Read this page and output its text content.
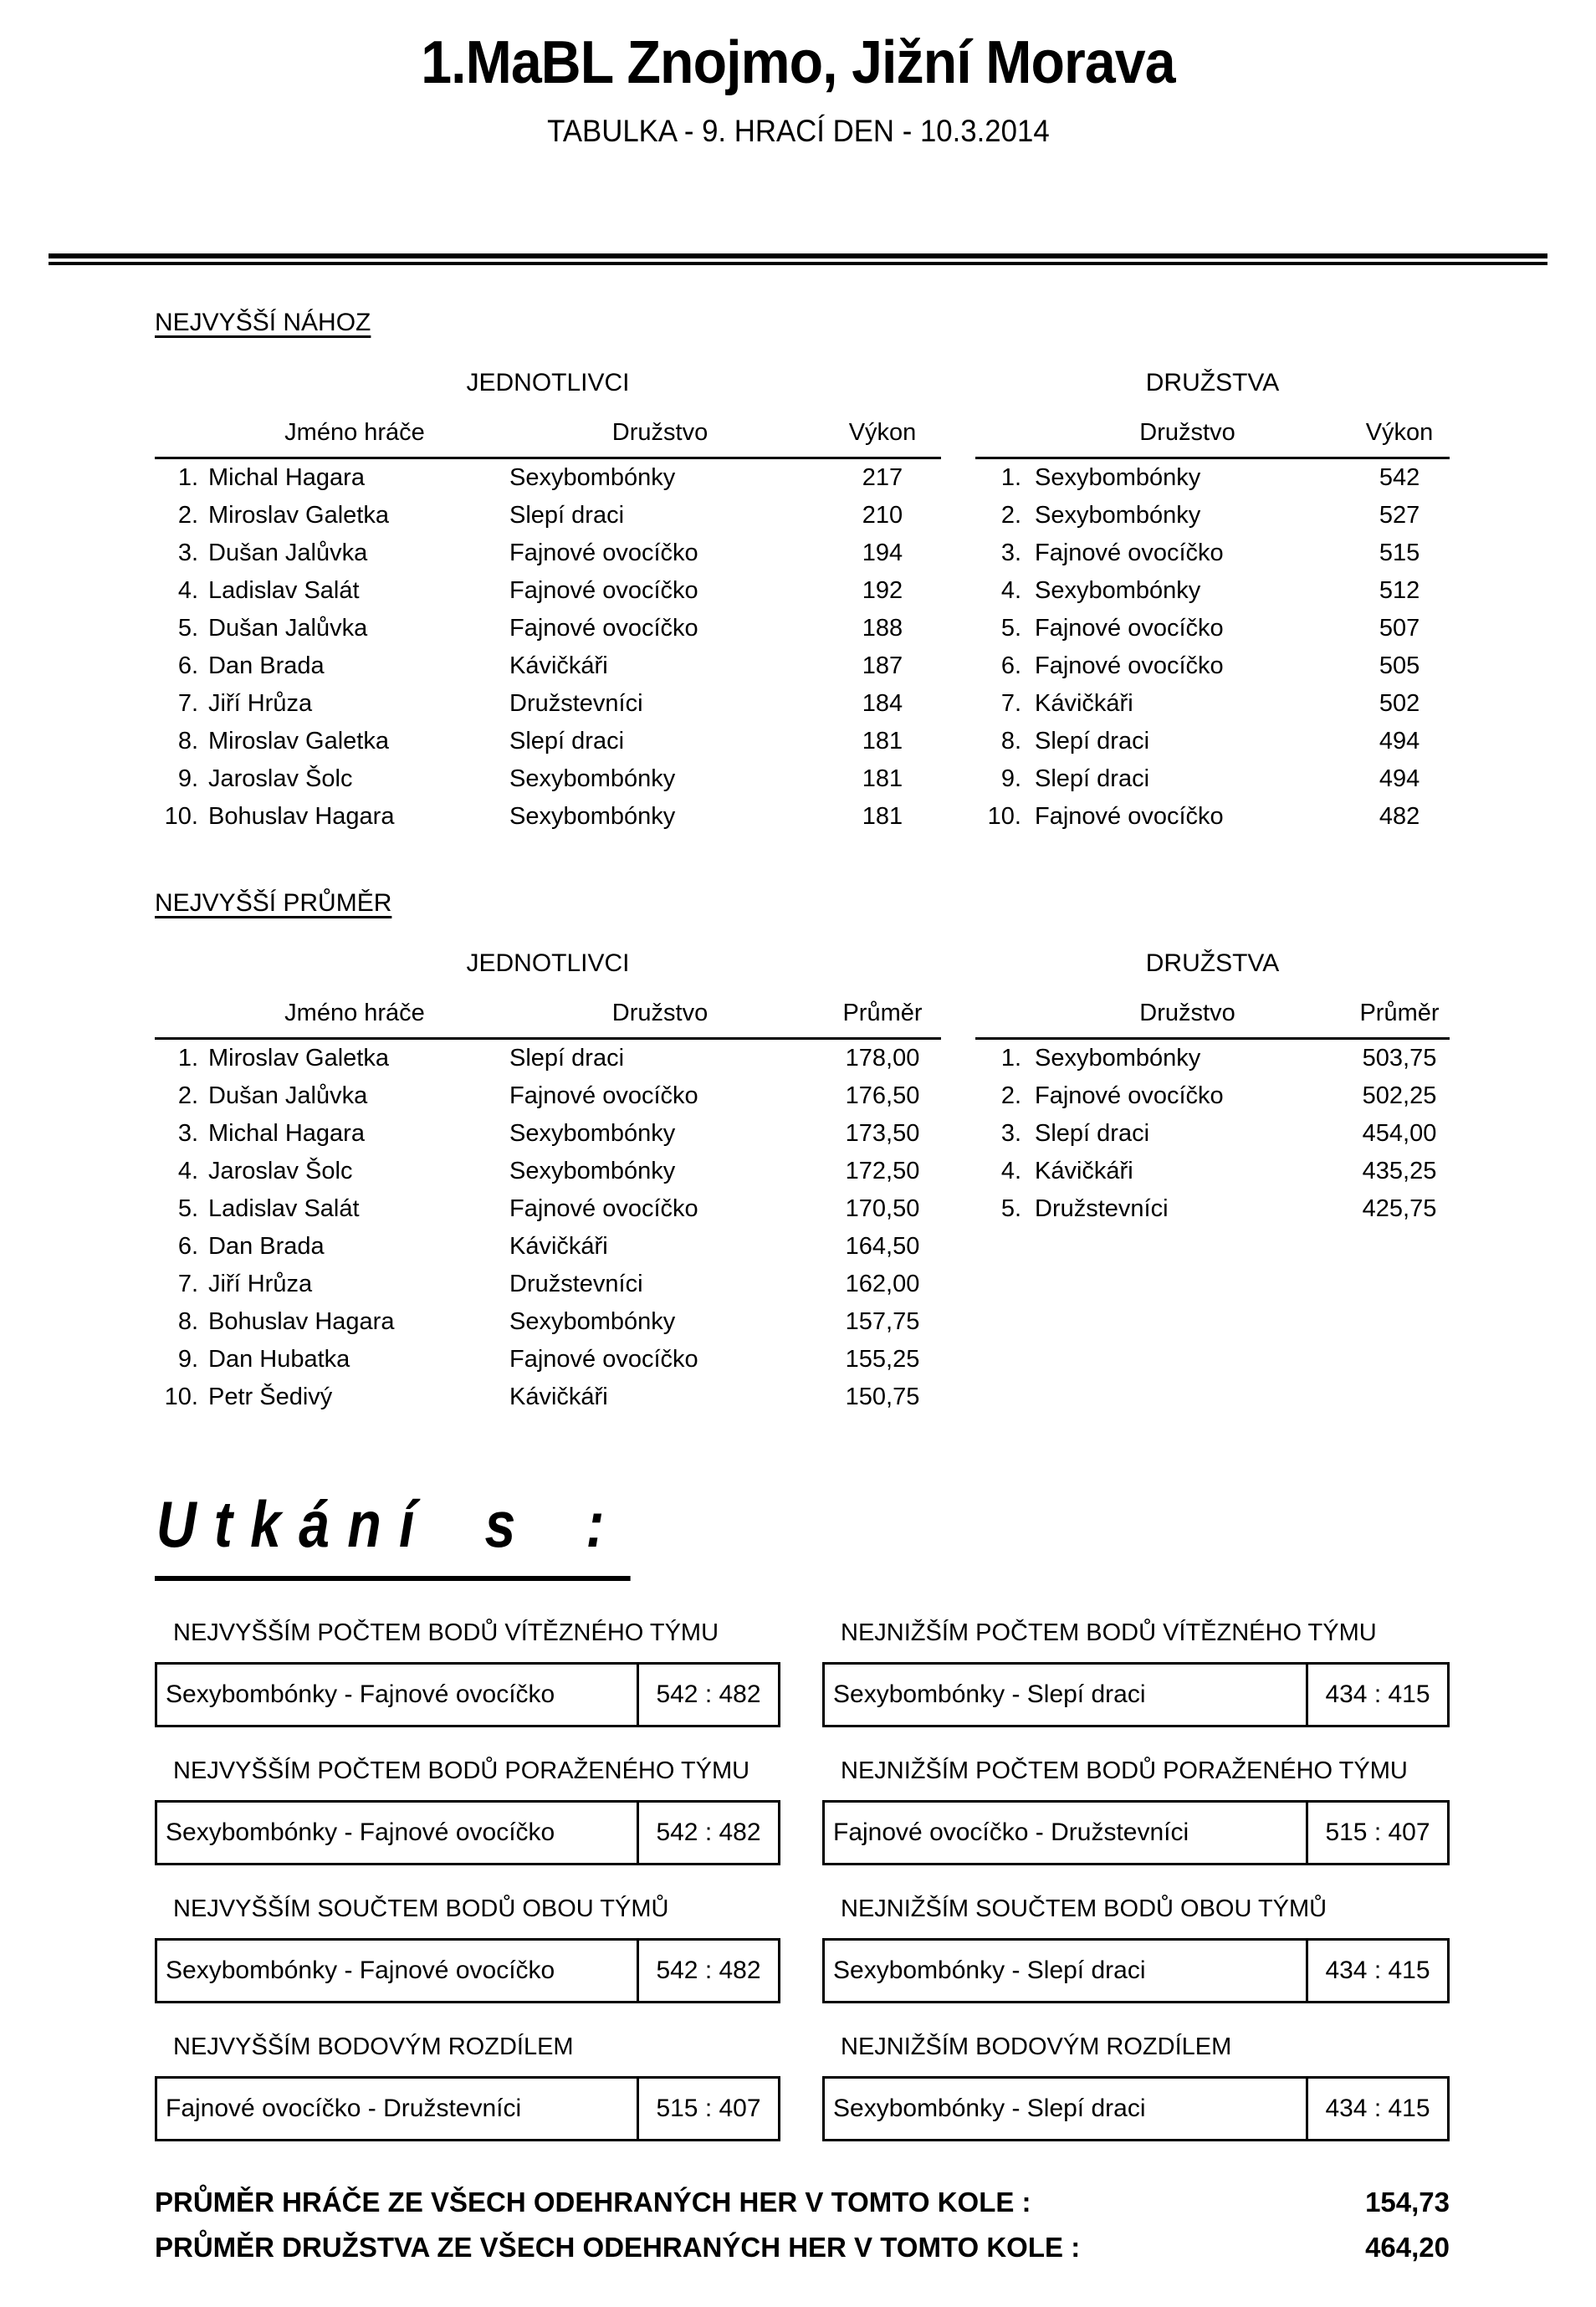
1.MaBL Znojmo, Jižní Morava
TABULKA - 9. HRACÍ DEN - 10.3.2014
NEJVYŠŠÍ NÁHOZ
JEDNOTLIVCI
Jméno hráče		Družstvo	Výkon
1.	Michal Hagara	Sexybombónky	217
2.	Miroslav Galetka	Slepí draci	210
3.	Dušan Jalůvka	Fajnové ovocíčko	194
4.	Ladislav Salát	Fajnové ovocíčko	192
5.	Dušan Jalůvka	Fajnové ovocíčko	188
6.	Dan Brada	Kávičkáři	187
7.	Jiří Hrůza	Družstevníci	184
8.	Miroslav Galetka	Slepí draci	181
9.	Jaroslav Šolc	Sexybombónky	181
10.	Bohuslav Hagara	Sexybombónky	181
DRUŽSTVA
Družstvo		Výkon
1.	Sexybombónky	542
2.	Sexybombónky	527
3.	Fajnové ovocíčko	515
4.	Sexybombónky	512
5.	Fajnové ovocíčko	507
6.	Fajnové ovocíčko	505
7.	Kávičkáři	502
8.	Slepí draci	494
9.	Slepí draci	494
10.	Fajnové ovocíčko	482
NEJVYŠŠÍ PRŮMĚR
JEDNOTLIVCI
Jméno hráče		Družstvo	Průměr
1.	Miroslav Galetka	Slepí draci	178,00
2.	Dušan Jalůvka	Fajnové ovocíčko	176,50
3.	Michal Hagara	Sexybombónky	173,50
4.	Jaroslav Šolc	Sexybombónky	172,50
5.	Ladislav Salát	Fajnové ovocíčko	170,50
6.	Dan Brada	Kávičkáři	164,50
7.	Jiří Hrůza	Družstevníci	162,00
8.	Bohuslav Hagara	Sexybombónky	157,75
9.	Dan Hubatka	Fajnové ovocíčko	155,25
10.	Petr Šedivý	Kávičkáři	150,75
DRUŽSTVA
Družstvo		Průměr
1.	Sexybombónky	503,75
2.	Fajnové ovocíčko	502,25
3.	Slepí draci	454,00
4.	Kávičkáři	435,25
5.	Družstevníci	425,75
Utkání s :
NEJVYŠŠÍM POČTEM BODŮ VÍTĚZNÉHO TÝMU
Sexybombónky - Fajnové ovocíčko	542 : 482
NEJNIŽŠÍM POČTEM BODŮ VÍTĚZNÉHO TÝMU
Sexybombónky - Slepí draci	434 : 415
NEJVYŠŠÍM POČTEM BODŮ PORAŽENÉHO TÝMU
Sexybombónky - Fajnové ovocíčko	542 : 482
NEJNIŽŠÍM POČTEM BODŮ PORAŽENÉHO TÝMU
Fajnové ovocíčko - Družstevníci	515 : 407
NEJVYŠŠÍM SOUČTEM BODŮ OBOU TÝMŮ
Sexybombónky - Fajnové ovocíčko	542 : 482
NEJNIŽŠÍM SOUČTEM BODŮ OBOU TÝMŮ
Sexybombónky - Slepí draci	434 : 415
NEJVYŠŠÍM BODOVÝM ROZDÍLEM
Fajnové ovocíčko - Družstevníci	515 : 407
NEJNIŽŠÍM BODOVÝM ROZDÍLEM
Sexybombónky - Slepí draci	434 : 415
PRŮMĚR HRÁČE ZE VŠECH ODEHRANÝCH HER V TOMTO KOLE :	154,73
PRŮMĚR DRUŽSTVA ZE VŠECH ODEHRANÝCH HER V TOMTO KOLE :	464,20
